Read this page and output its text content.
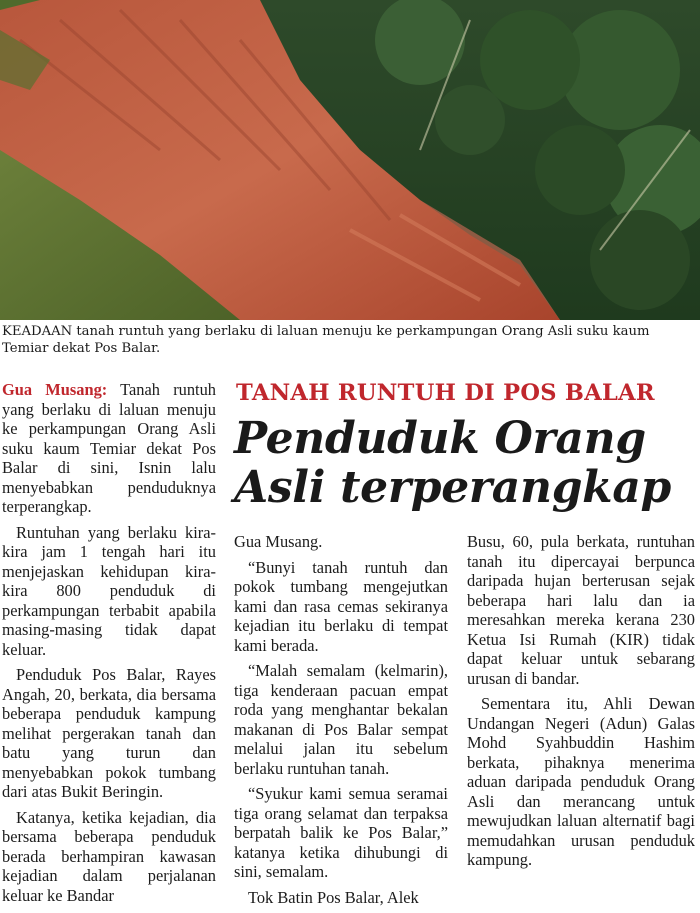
KEADAAN tanah runtuh yang berlaku di laluan menuju ke perkampungan Orang Asli suku kaum Temiar dekat Pos Balar.

Gua Musang: Tanah runtuh yang berlaku di laluan menuju ke perkampungan Orang Asli suku kaum Temiar dekat Pos Balar di sini, Isnin lalu menyebabkan penduduknya terperangkap.

Runtuhan yang berlaku kira-kira jam 1 tengah hari itu menjejaskan kehidupan kira-kira 800 penduduk di perkampungan terbabit apabila masing-masing tidak dapat keluar.

Penduduk Pos Balar, Rayes Angah, 20, berkata, dia bersama beberapa penduduk kampung melihat pergerakan tanah dan batu yang turun dan menyebabkan pokok tumbang dari atas Bukit Beringin.

Katanya, ketika kejadian, dia bersama beberapa penduduk berada berhampiran kawasan kejadian dalam perjalanan keluar ke Bandar

TANAH RUNTUH DI POS BALAR
Penduduk Orang
Asli terperangkap

Gua Musang.

“Bunyi tanah runtuh dan pokok tumbang mengejutkan kami dan rasa cemas sekiranya kejadian itu berlaku di tempat kami berada.

“Malah semalam (kelmarin), tiga kenderaan pacuan empat roda yang menghantar bekalan makanan di Pos Balar sempat melalui jalan itu sebelum berlaku runtuhan tanah.

“Syukur kami semua seramai tiga orang selamat dan terpaksa berpatah balik ke Pos Balar,” katanya ketika dihubungi di sini, semalam.

Tok Batin Pos Balar, Alek

Busu, 60, pula berkata, runtuhan tanah itu dipercayai berpunca daripada hujan berterusan sejak beberapa hari lalu dan ia meresahkan mereka kerana 230 Ketua Isi Rumah (KIR) tidak dapat keluar untuk sebarang urusan di bandar.

Sementara itu, Ahli Dewan Undangan Negeri (Adun) Galas Mohd Syahbuddin Hashim berkata, pihaknya menerima aduan daripada penduduk Orang Asli dan merancang untuk mewujudkan laluan alternatif bagi memudahkan urusan penduduk kampung.
